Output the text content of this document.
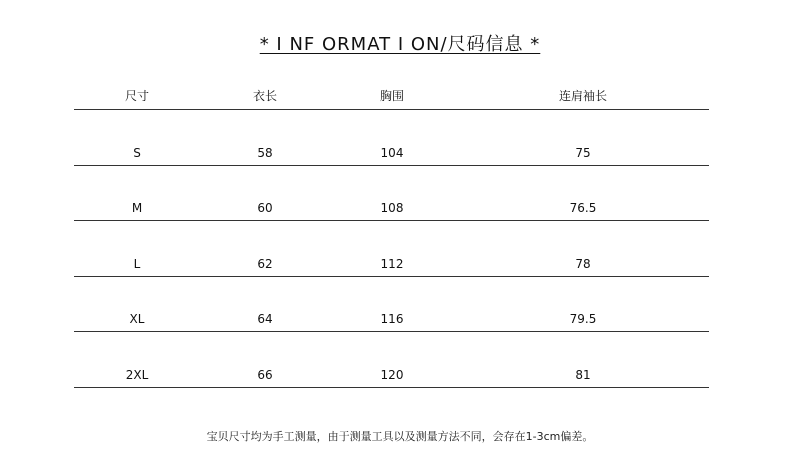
* I NF ORMAT I ON/尺码信息 *
尺寸	衣长	胸围	连肩袖长
S	58	104	75
M	60	108	76.5
L	62	112	78
XL	64	116	79.5
2XL	66	120	81
宝贝尺寸均为手工测量，由于测量工具以及测量方法不同，会存在1-3cm偏差。
